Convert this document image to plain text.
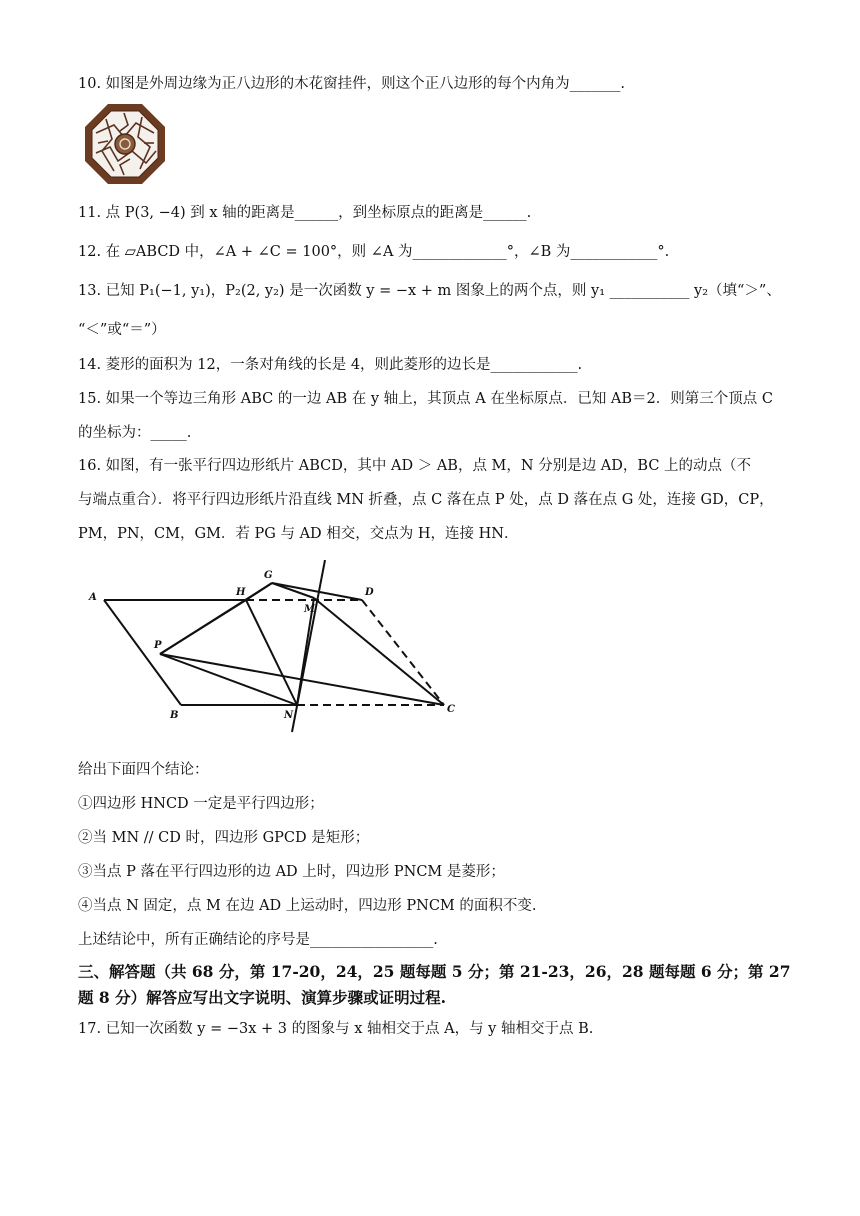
10. 如图是外周边缘为正八边形的木花窗挂件，则这个正八边形的每个内角为_______.
11. 点 P(3, −4) 到 x 轴的距离是______，到坐标原点的距离是______.
12. 在 ▱ABCD 中，∠A + ∠C = 100°，则 ∠A 为_____________°，∠B 为____________°.
13. 已知 P₁(−1, y₁)，P₂(2, y₂) 是一次函数 y = −x + m 图象上的两个点，则 y₁ ___________ y₂（填“＞”、
“＜”或“＝”）
14. 菱形的面积为 12，一条对角线的长是 4，则此菱形的边长是____________.
15. 如果一个等边三角形 ABC 的一边 AB 在 y 轴上，其顶点 A 在坐标原点．已知 AB＝2．则第三个顶点 C
的坐标为：_____.
16. 如图，有一张平行四边形纸片 ABCD，其中 AD ＞ AB，点 M，N 分别是边 AD，BC 上的动点（不
与端点重合）．将平行四边形纸片沿直线 MN 折叠，点 C 落在点 P 处，点 D 落在点 G 处，连接 GD，CP，
PM，PN，CM，GM．若 PG 与 AD 相交，交点为 H，连接 HN．
A	H
G
M
D
P
B	N
C
给出下面四个结论：
①四边形 HNCD 一定是平行四边形；
②当 MN // CD 时，四边形 GPCD 是矩形；
③当点 P 落在平行四边形的边 AD 上时，四边形 PNCM 是菱形；
④当点 N 固定，点 M 在边 AD 上运动时，四边形 PNCM 的面积不变.
上述结论中，所有正确结论的序号是_________________.
三、解答题（共 68 分，第 17-20，24，25 题每题 5 分；第 21-23，26，28 题每题 6 分；第 27
题 8 分）解答应写出文字说明、演算步骤或证明过程.
17. 已知一次函数 y = −3x + 3 的图象与 x 轴相交于点 A，与 y 轴相交于点 B.
